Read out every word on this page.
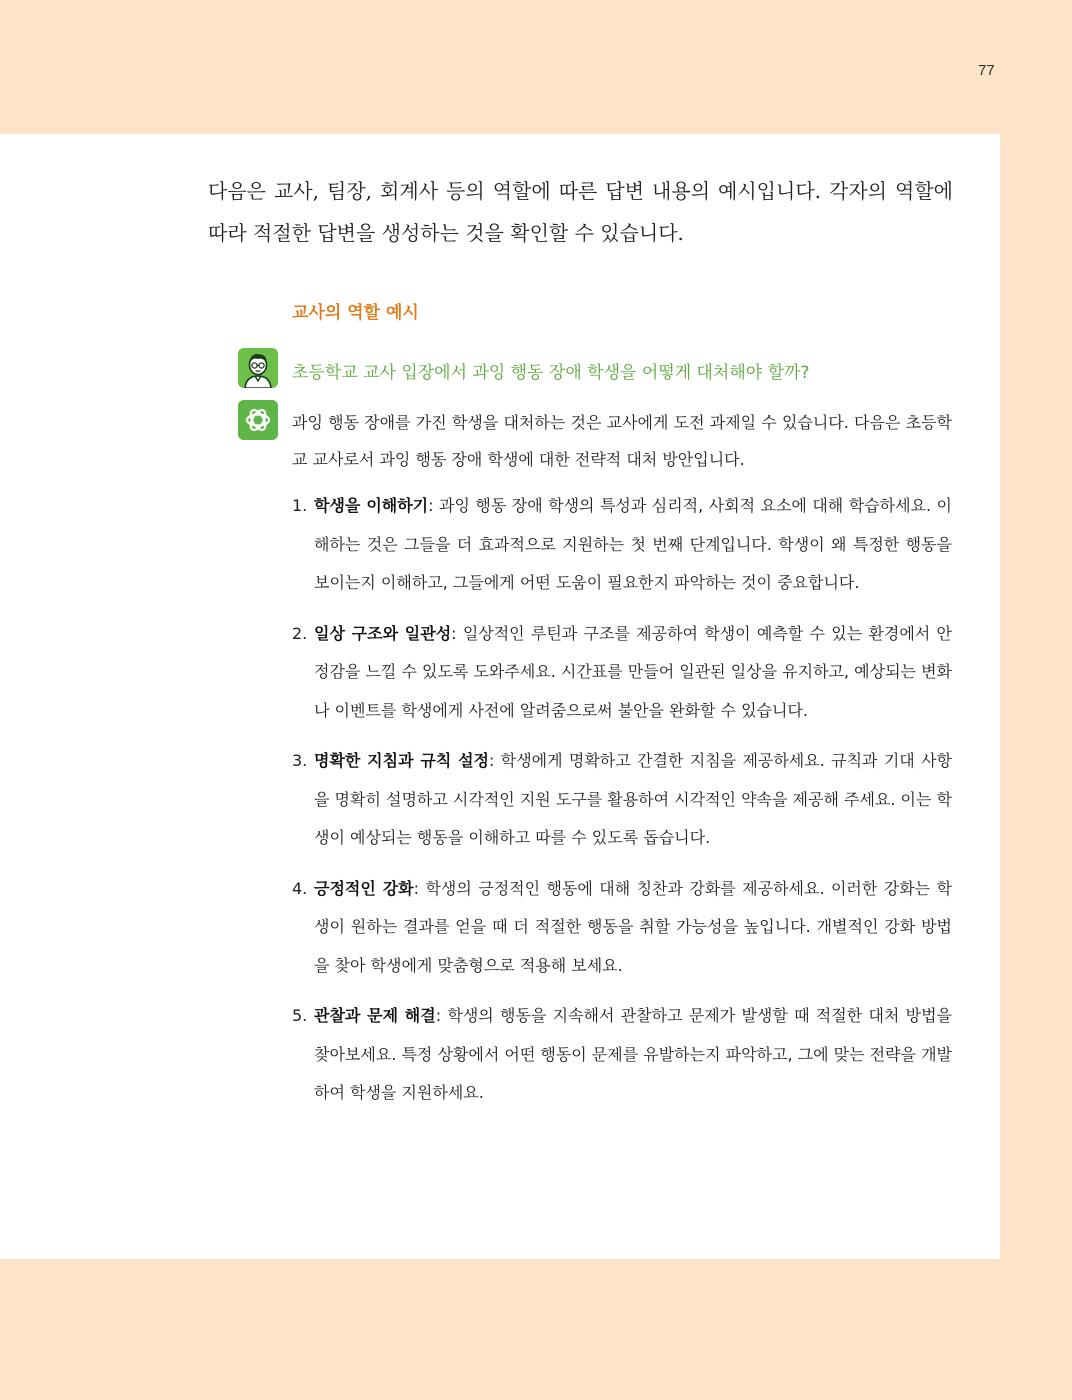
77

다음은 교사, 팀장, 회계사 등의 역할에 따른 답변 내용의 예시입니다. 각자의 역할에 따라 적절한 답변을 생성하는 것을 확인할 수 있습니다.

교사의 역할 예시

초등학교 교사 입장에서 과잉 행동 장애 학생을 어떻게 대처해야 할까?

과잉 행동 장애를 가진 학생을 대처하는 것은 교사에게 도전 과제일 수 있습니다. 다음은 초등학교 교사로서 과잉 행동 장애 학생에 대한 전략적 대처 방안입니다.

1. 학생을 이해하기: 과잉 행동 장애 학생의 특성과 심리적, 사회적 요소에 대해 학습하세요. 이해하는 것은 그들을 더 효과적으로 지원하는 첫 번째 단계입니다. 학생이 왜 특정한 행동을 보이는지 이해하고, 그들에게 어떤 도움이 필요한지 파악하는 것이 중요합니다.
2. 일상 구조와 일관성: 일상적인 루틴과 구조를 제공하여 학생이 예측할 수 있는 환경에서 안정감을 느낄 수 있도록 도와주세요. 시간표를 만들어 일관된 일상을 유지하고, 예상되는 변화나 이벤트를 학생에게 사전에 알려줌으로써 불안을 완화할 수 있습니다.
3. 명확한 지침과 규칙 설정: 학생에게 명확하고 간결한 지침을 제공하세요. 규칙과 기대 사항을 명확히 설명하고 시각적인 지원 도구를 활용하여 시각적인 약속을 제공해 주세요. 이는 학생이 예상되는 행동을 이해하고 따를 수 있도록 돕습니다.
4. 긍정적인 강화: 학생의 긍정적인 행동에 대해 칭찬과 강화를 제공하세요. 이러한 강화는 학생이 원하는 결과를 얻을 때 더 적절한 행동을 취할 가능성을 높입니다. 개별적인 강화 방법을 찾아 학생에게 맞춤형으로 적용해 보세요.
5. 관찰과 문제 해결: 학생의 행동을 지속해서 관찰하고 문제가 발생할 때 적절한 대처 방법을 찾아보세요. 특정 상황에서 어떤 행동이 문제를 유발하는지 파악하고, 그에 맞는 전략을 개발하여 학생을 지원하세요.
